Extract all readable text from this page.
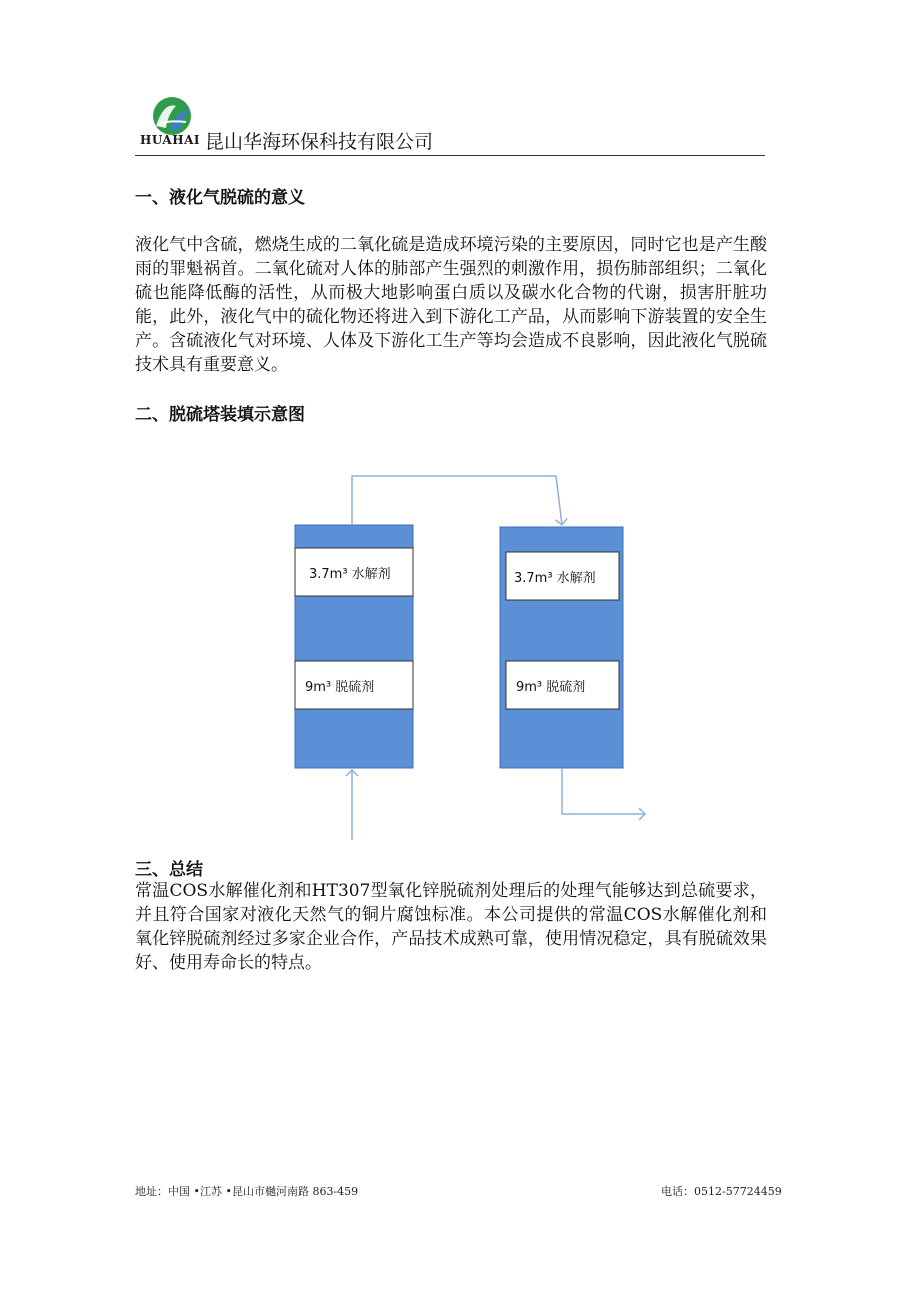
HUAHAI 昆山华海环保科技有限公司
一、液化气脱硫的意义

液化气中含硫，燃烧生成的二氧化硫是造成环境污染的主要原因，同时它也是产生酸雨的罪魁祸首。二氧化硫对人体的肺部产生强烈的刺激作用，损伤肺部组织；二氧化硫也能降低酶的活性，从而极大地影响蛋白质以及碳水化合物的代谢，损害肝脏功能，此外，液化气中的硫化物还将进入到下游化工产品，从而影响下游装置的安全生产。含硫液化气对环境、人体及下游化工生产等均会造成不良影响，因此液化气脱硫技术具有重要意义。

二、脱硫塔装填示意图
3.7m³ 水解剂
9m³ 脱硫剂
3.7m³ 水解剂
9m³ 脱硫剂
三、总结

常温COS水解催化剂和HT307型氧化锌脱硫剂处理后的处理气能够达到总硫要求，并且符合国家对液化天然气的铜片腐蚀标准。本公司提供的常温COS水解催化剂和氧化锌脱硫剂经过多家企业合作，产品技术成熟可靠，使用情况稳定，具有脱硫效果好、使用寿命长的特点。

地址：中国 •江苏 •昆山市樾河南路 863-459	电话：0512-57724459
